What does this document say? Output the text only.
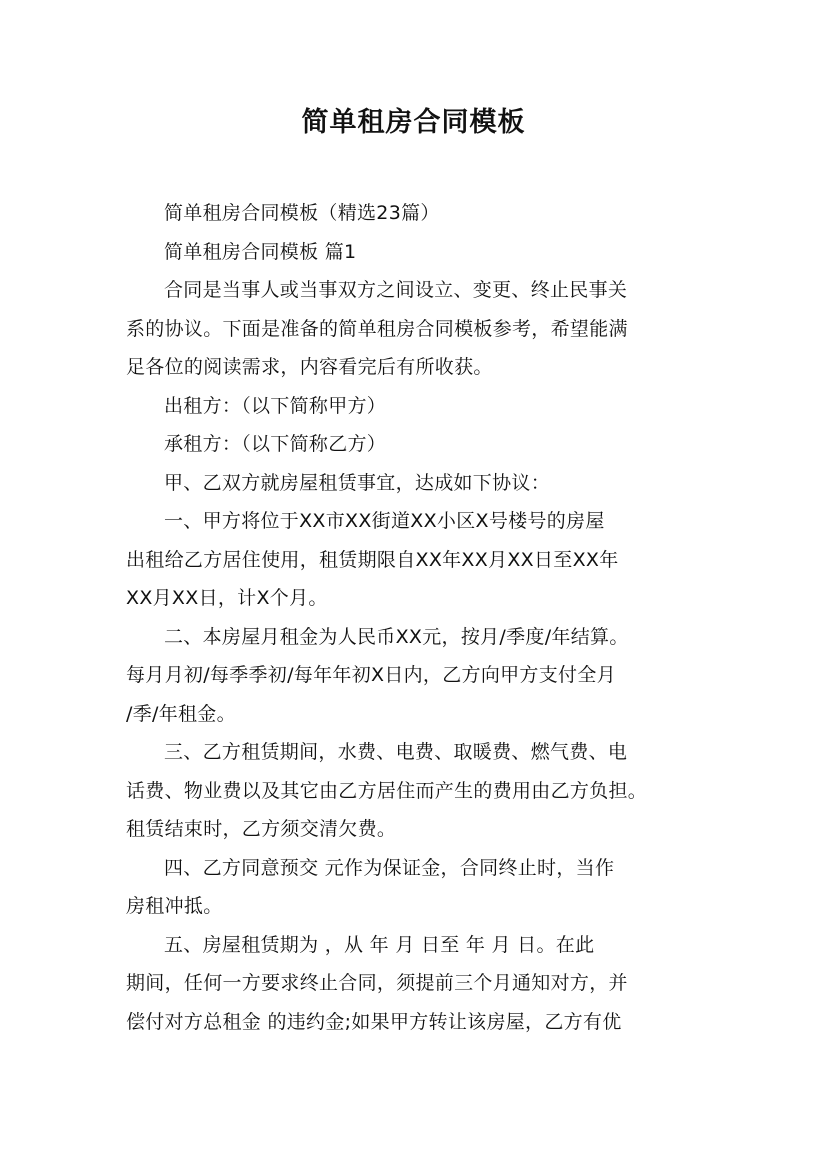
简单租房合同模板

简单租房合同模板（精选23篇）

简单租房合同模板 篇1

合同是当事人或当事双方之间设立、变更、终止民事关
系的协议。下面是准备的简单租房合同模板参考，希望能满
足各位的阅读需求，内容看完后有所收获。

出租方：（以下简称甲方）

承租方：（以下简称乙方）

甲、乙双方就房屋租赁事宜，达成如下协议：

一、甲方将位于XX市XX街道XX小区X号楼号的房屋
出租给乙方居住使用，租赁期限自XX年XX月XX日至XX年
XX月XX日，计X个月。

二、本房屋月租金为人民币XX元，按月/季度/年结算。
每月月初/每季季初/每年年初X日内，乙方向甲方支付全月
/季/年租金。

三、乙方租赁期间，水费、电费、取暖费、燃气费、电
话费、物业费以及其它由乙方居住而产生的费用由乙方负担。
租赁结束时，乙方须交清欠费。

四、乙方同意预交 元作为保证金，合同终止时，当作
房租冲抵。

五、房屋租赁期为 ，从 年 月 日至 年 月 日。在此
期间，任何一方要求终止合同，须提前三个月通知对方，并
偿付对方总租金 的违约金;如果甲方转让该房屋，乙方有优
